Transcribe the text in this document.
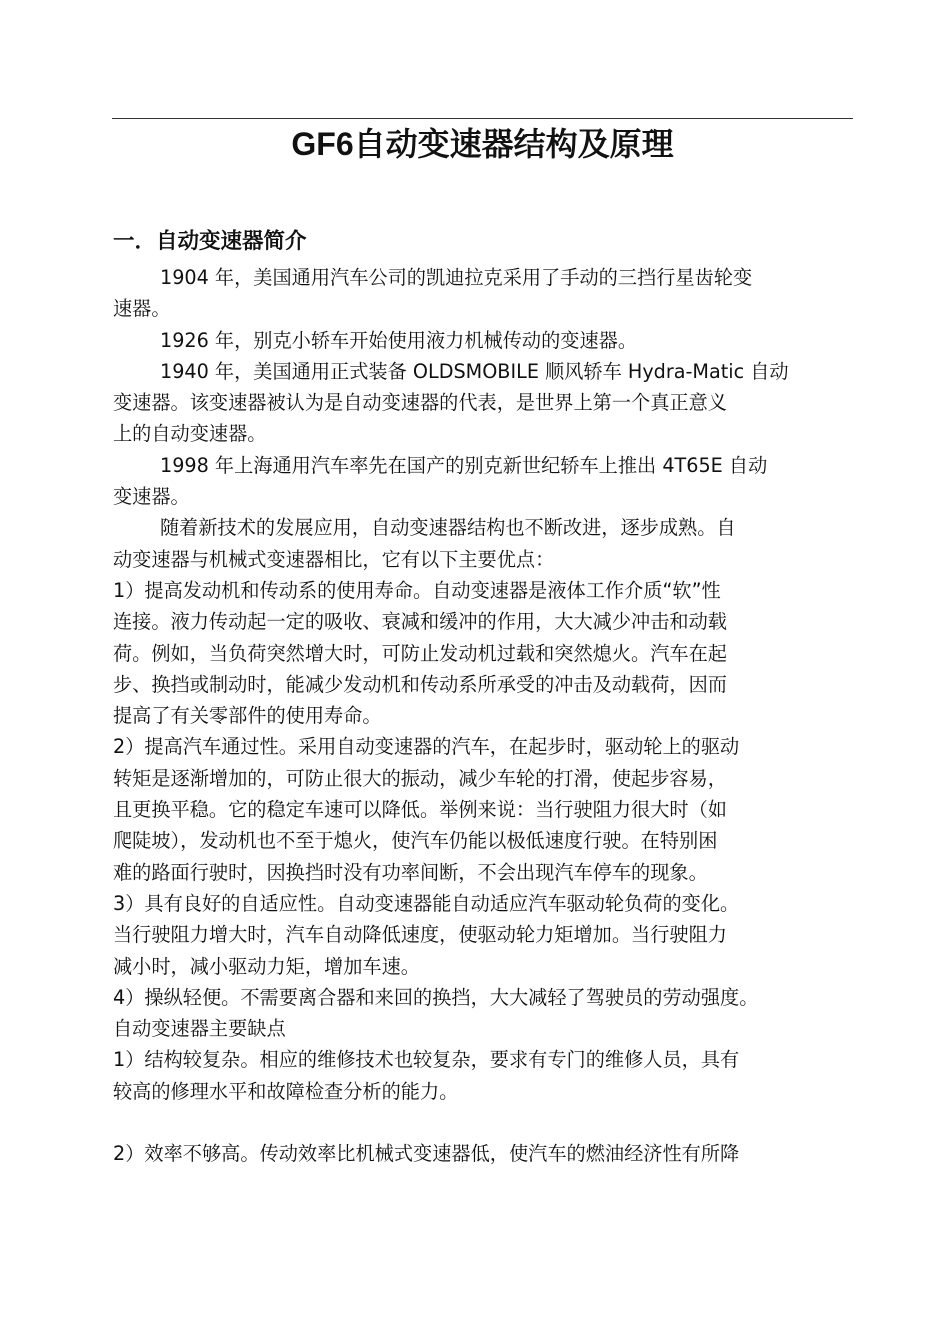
GF6自动变速器结构及原理
一．自动变速器简介

1904 年，美国通用汽车公司的凯迪拉克采用了手动的三挡行星齿轮变

速器。

1926 年，别克小轿车开始使用液力机械传动的变速器。

1940 年，美国通用正式装备 OLDSMOBILE 顺风轿车 Hydra-Matic 自动

变速器。该变速器被认为是自动变速器的代表，是世界上第一个真正意义

上的自动变速器。

1998 年上海通用汽车率先在国产的别克新世纪轿车上推出 4T65E 自动

变速器。

随着新技术的发展应用，自动变速器结构也不断改进，逐步成熟。自

动变速器与机械式变速器相比，它有以下主要优点：

1）提高发动机和传动系的使用寿命。自动变速器是液体工作介质“软”性

连接。液力传动起一定的吸收、衰减和缓冲的作用，大大减少冲击和动载

荷。例如，当负荷突然增大时，可防止发动机过载和突然熄火。汽车在起

步、换挡或制动时，能减少发动机和传动系所承受的冲击及动载荷，因而

提高了有关零部件的使用寿命。

2）提高汽车通过性。采用自动变速器的汽车，在起步时，驱动轮上的驱动

转矩是逐渐增加的，可防止很大的振动，减少车轮的打滑，使起步容易，

且更换平稳。它的稳定车速可以降低。举例来说：当行驶阻力很大时（如

爬陡坡），发动机也不至于熄火，使汽车仍能以极低速度行驶。在特别困

难的路面行驶时，因换挡时没有功率间断，不会出现汽车停车的现象。

3）具有良好的自适应性。自动变速器能自动适应汽车驱动轮负荷的变化。

当行驶阻力增大时，汽车自动降低速度，使驱动轮力矩增加。当行驶阻力

减小时，减小驱动力矩，增加车速。

4）操纵轻便。不需要离合器和来回的换挡，大大减轻了驾驶员的劳动强度。

自动变速器主要缺点

1）结构较复杂。相应的维修技术也较复杂，要求有专门的维修人员，具有

较高的修理水平和故障检查分析的能力。

2）效率不够高。传动效率比机械式变速器低，使汽车的燃油经济性有所降
